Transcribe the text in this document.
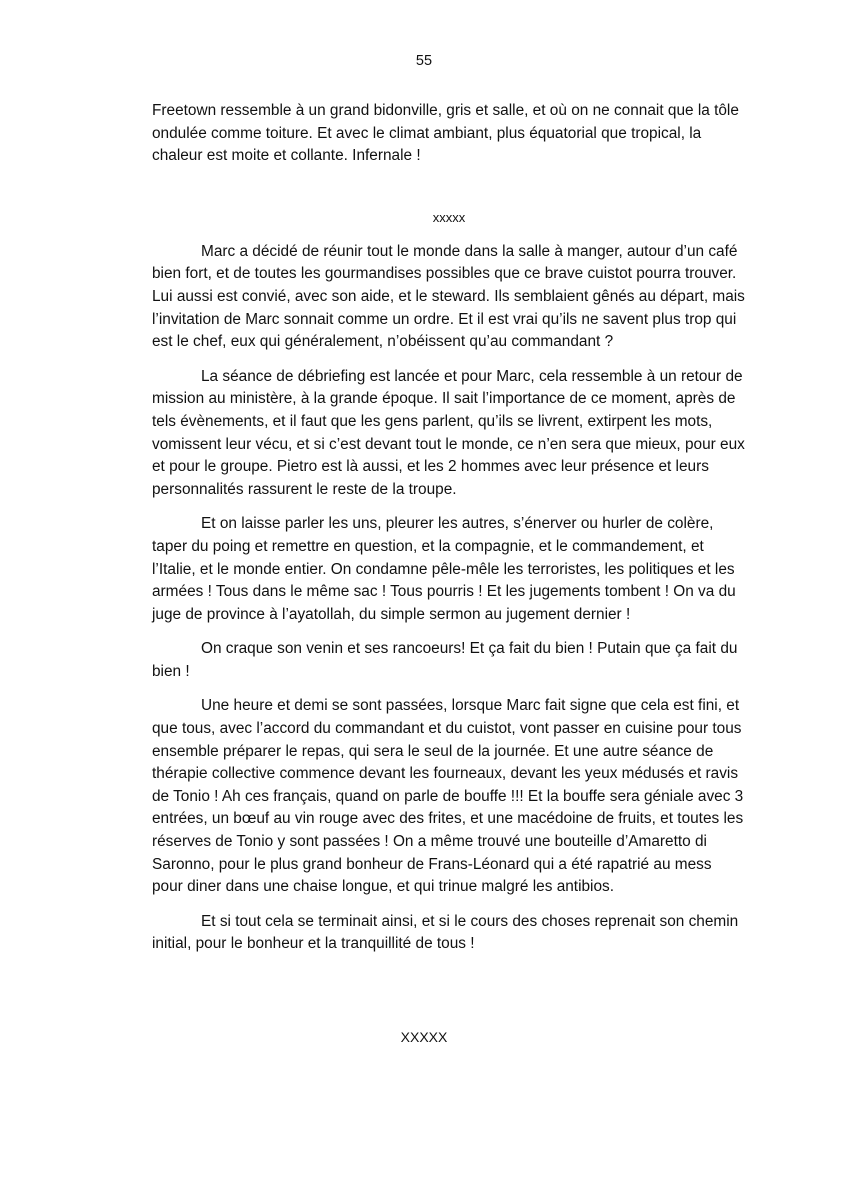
55

Freetown ressemble à un grand bidonville, gris et salle, et où on ne connait que la tôle ondulée comme toiture. Et avec le climat ambiant, plus équatorial que tropical, la chaleur est moite et collante. Infernale !

xxxxx

Marc a décidé de réunir tout le monde dans la salle à manger, autour d’un café bien fort, et de toutes les gourmandises possibles que ce brave cuistot pourra trouver. Lui aussi est convié, avec son aide, et le steward. Ils semblaient gênés au départ, mais l’invitation de Marc sonnait comme un ordre. Et il est vrai qu’ils ne savent plus trop qui est le chef, eux qui généralement, n’obéissent qu’au commandant ?

La séance de débriefing est lancée et pour Marc, cela ressemble à un retour de mission au ministère, à la grande époque. Il sait l’importance de ce moment, après de tels évènements, et il faut que les gens parlent, qu’ils se livrent, extirpent les mots, vomissent leur vécu, et si c’est devant tout le monde, ce n’en sera que mieux, pour eux et pour le groupe. Pietro est là aussi, et les 2 hommes avec leur présence et leurs personnalités rassurent le reste de la troupe.

Et on laisse parler les uns, pleurer les autres, s’énerver ou hurler de colère, taper du poing et remettre en question, et la compagnie, et le commandement, et l’Italie, et le monde entier. On condamne pêle-mêle les terroristes, les politiques et les armées ! Tous dans le même sac ! Tous pourris ! Et les jugements tombent ! On va du juge de province à l’ayatollah, du simple sermon au jugement dernier !

On craque son venin et ses rancoeurs! Et ça fait du bien ! Putain que ça fait du bien !

Une heure et demi se sont passées, lorsque Marc fait signe que cela est fini, et que tous, avec l’accord du commandant et du cuistot, vont passer en cuisine pour tous ensemble préparer le repas, qui sera le seul de la journée. Et une autre séance de thérapie collective commence devant les fourneaux, devant les yeux médusés et ravis de Tonio ! Ah ces français, quand on parle de bouffe !!! Et la bouffe sera géniale avec 3 entrées, un bœuf au vin rouge avec des frites, et une macédoine de fruits, et toutes les réserves de Tonio y sont passées ! On a même trouvé une bouteille d’Amaretto di Saronno, pour le plus grand bonheur de Frans-Léonard qui a été rapatrié au mess pour diner dans une chaise longue, et qui trinue malgré les antibios.

Et si tout cela se terminait ainsi, et si le cours des choses reprenait son chemin initial, pour le bonheur et la tranquillité de tous !

XXXXX
